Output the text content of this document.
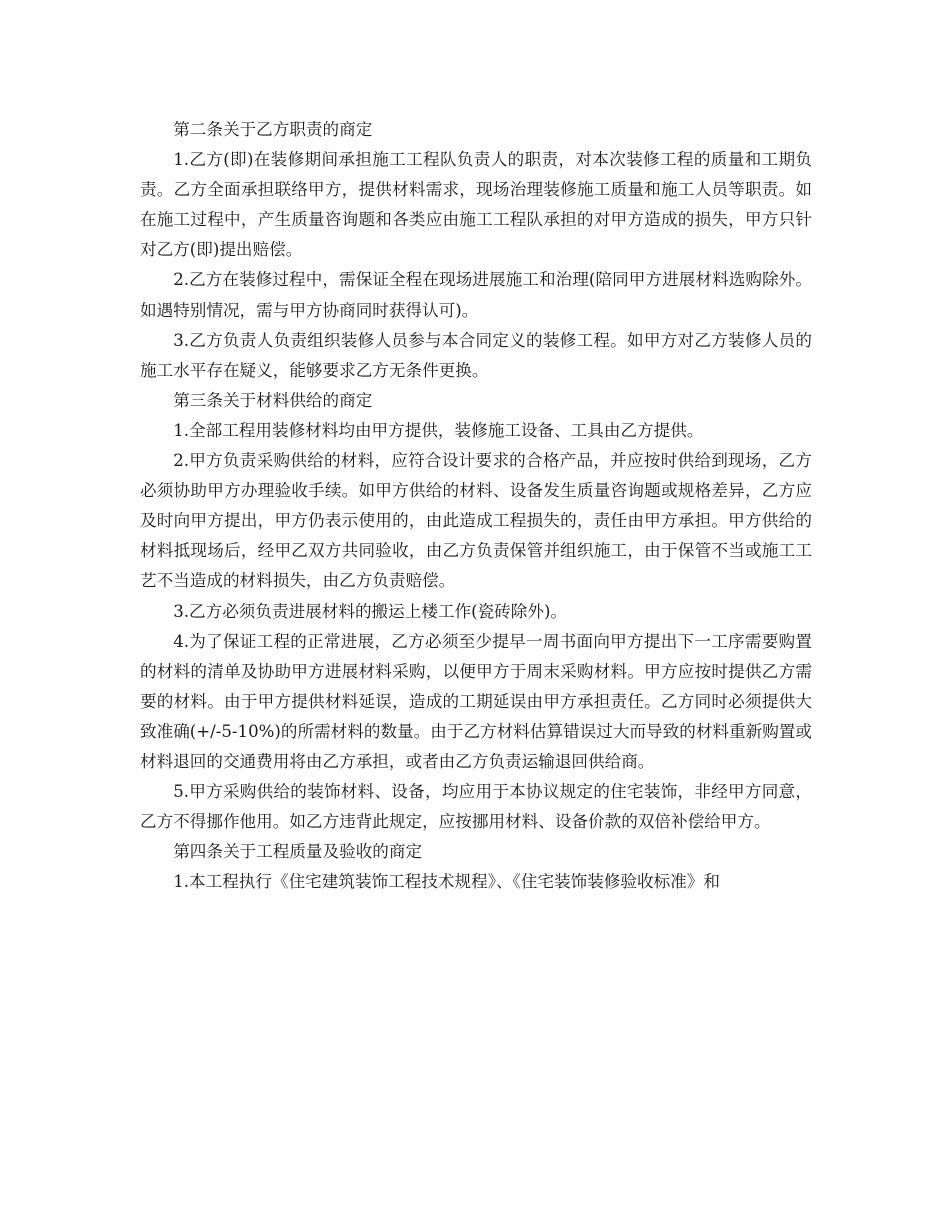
第二条关于乙方职责的商定

1.乙方(即)在装修期间承担施工工程队负责人的职责，对本次装修工程的质量和工期负责。乙方全面承担联络甲方，提供材料需求，现场治理装修施工质量和施工人员等职责。如在施工过程中，产生质量咨询题和各类应由施工工程队承担的对甲方造成的损失，甲方只针对乙方(即)提出赔偿。

2.乙方在装修过程中，需保证全程在现场进展施工和治理(陪同甲方进展材料选购除外。如遇特别情况，需与甲方协商同时获得认可)。

3.乙方负责人负责组织装修人员参与本合同定义的装修工程。如甲方对乙方装修人员的施工水平存在疑义，能够要求乙方无条件更换。

第三条关于材料供给的商定

1.全部工程用装修材料均由甲方提供，装修施工设备、工具由乙方提供。

2.甲方负责采购供给的材料，应符合设计要求的合格产品，并应按时供给到现场，乙方必须协助甲方办理验收手续。如甲方供给的材料、设备发生质量咨询题或规格差异，乙方应及时向甲方提出，甲方仍表示使用的，由此造成工程损失的，责任由甲方承担。甲方供给的材料抵现场后，经甲乙双方共同验收，由乙方负责保管并组织施工，由于保管不当或施工工艺不当造成的材料损失，由乙方负责赔偿。

3.乙方必须负责进展材料的搬运上楼工作(瓷砖除外)。

4.为了保证工程的正常进展，乙方必须至少提早一周书面向甲方提出下一工序需要购置的材料的清单及协助甲方进展材料采购，以便甲方于周末采购材料。甲方应按时提供乙方需要的材料。由于甲方提供材料延误，造成的工期延误由甲方承担责任。乙方同时必须提供大致准确(+/-5-10%)的所需材料的数量。由于乙方材料估算错误过大而导致的材料重新购置或材料退回的交通费用将由乙方承担，或者由乙方负责运输退回供给商。

5.甲方采购供给的装饰材料、设备，均应用于本协议规定的住宅装饰，非经甲方同意，乙方不得挪作他用。如乙方违背此规定，应按挪用材料、设备价款的双倍补偿给甲方。

第四条关于工程质量及验收的商定

1.本工程执行《住宅建筑装饰工程技术规程》、《住宅装饰装修验收标准》和
